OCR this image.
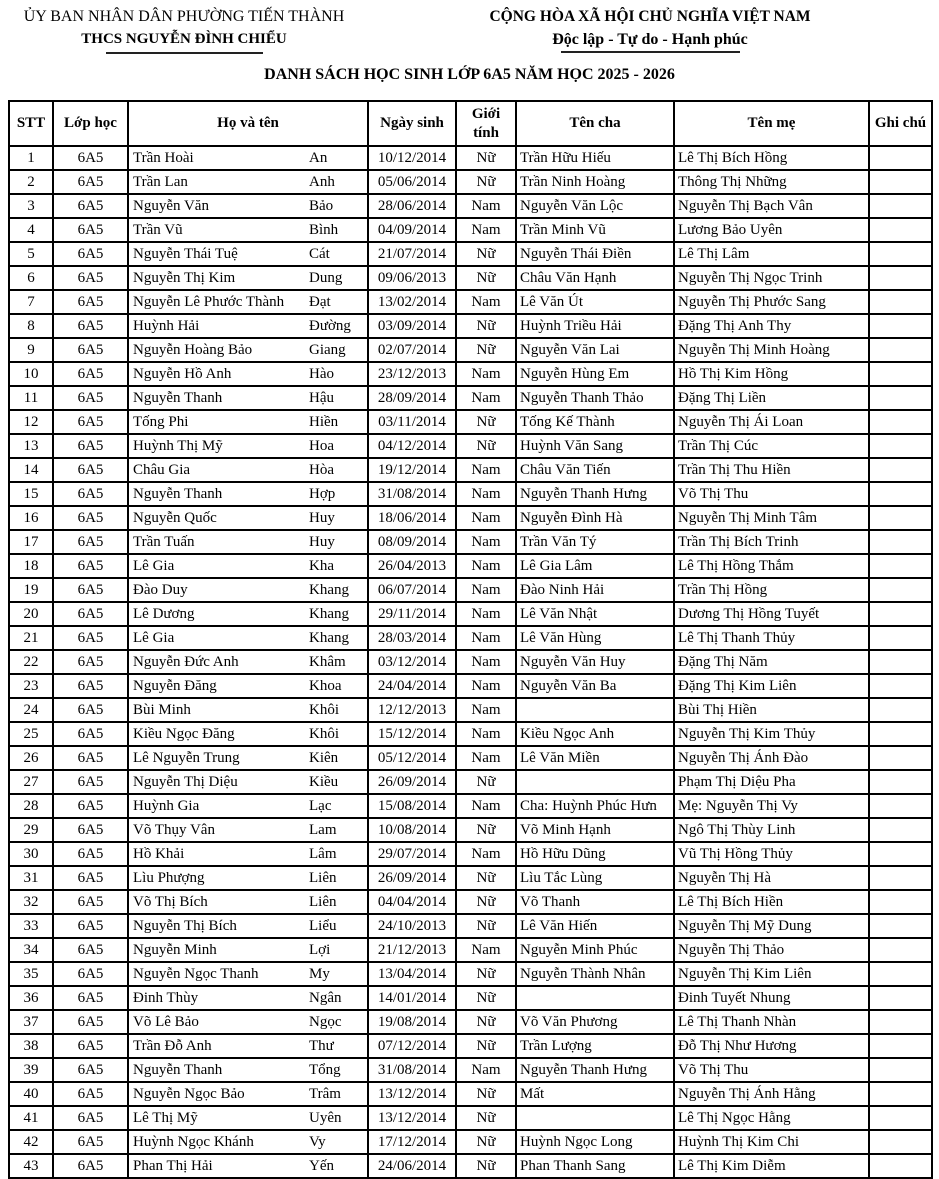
ỦY BAN NHÂN DÂN PHƯỜNG TIẾN THÀNH
THCS NGUYỄN ĐÌNH CHIỂU
CỘNG HÒA XÃ HỘI CHỦ NGHĨA VIỆT NAM
Độc lập - Tự do - Hạnh phúc
DANH SÁCH HỌC SINH LỚP 6A5 NĂM HỌC 2025 - 2026
STT	Lớp học	Họ và tên	Ngày sinh	Giới tính	Tên cha	Tên mẹ	Ghi chú
1	6A5	Trần Hoài An	10/12/2014	Nữ	Trần Hữu Hiếu	Lê Thị Bích Hồng	
2	6A5	Trần Lan Anh	05/06/2014	Nữ	Trần Ninh Hoàng	Thông Thị Những	
3	6A5	Nguyễn Văn Bảo	28/06/2014	Nam	Nguyễn Văn Lộc	Nguyễn Thị Bạch Vân	
4	6A5	Trần Vũ Bình	04/09/2014	Nam	Trần Minh Vũ	Lương Bảo Uyên	
5	6A5	Nguyễn Thái Tuệ Cát	21/07/2014	Nữ	Nguyễn Thái Điền	Lê Thị Lâm	
6	6A5	Nguyễn Thị Kim Dung	09/06/2013	Nữ	Châu Văn Hạnh	Nguyễn Thị Ngọc Trinh	
7	6A5	Nguyễn Lê Phước Thành Đạt	13/02/2014	Nam	Lê Văn Út	Nguyễn Thị Phước Sang	
8	6A5	Huỳnh Hải Đường	03/09/2014	Nữ	Huỳnh Triều Hải	Đặng Thị Anh Thy	
9	6A5	Nguyễn Hoàng Bảo Giang	02/07/2014	Nữ	Nguyễn Văn Lai	Nguyễn Thị Minh Hoàng	
10	6A5	Nguyễn Hồ Anh Hào	23/12/2013	Nam	Nguyễn Hùng Em	Hồ Thị Kim Hồng	
11	6A5	Nguyễn Thanh Hậu	28/09/2014	Nam	Nguyễn Thanh Thảo	Đặng Thị Liền	
12	6A5	Tống Phi Hiền	03/11/2014	Nữ	Tống Kế Thành	Nguyễn Thị Ái Loan	
13	6A5	Huỳnh Thị Mỹ Hoa	04/12/2014	Nữ	Huỳnh Văn Sang	Trần Thị Cúc	
14	6A5	Châu Gia Hòa	19/12/2014	Nam	Châu Văn Tiến	Trần Thị Thu Hiền	
15	6A5	Nguyễn Thanh Hợp	31/08/2014	Nam	Nguyễn Thanh Hưng	Võ Thị Thu	
16	6A5	Nguyễn Quốc Huy	18/06/2014	Nam	Nguyễn Đình Hà	Nguyễn Thị Minh Tâm	
17	6A5	Trần Tuấn Huy	08/09/2014	Nam	Trần Văn Tý	Trần Thị Bích Trinh	
18	6A5	Lê Gia Kha	26/04/2013	Nam	Lê Gia Lâm	Lê Thị Hồng Thắm	
19	6A5	Đào Duy Khang	06/07/2014	Nam	Đào Ninh Hải	Trần Thị Hồng	
20	6A5	Lê Dương Khang	29/11/2014	Nam	Lê Văn Nhật	Dương Thị Hồng Tuyết	
21	6A5	Lê Gia Khang	28/03/2014	Nam	Lê Văn Hùng	Lê Thị Thanh Thủy	
22	6A5	Nguyễn Đức Anh Khâm	03/12/2014	Nam	Nguyễn Văn Huy	Đặng Thị Năm	
23	6A5	Nguyễn Đăng Khoa	24/04/2014	Nam	Nguyễn Văn Ba	Đặng Thị Kim Liên	
24	6A5	Bùi Minh Khôi	12/12/2013	Nam		Bùi Thị Hiền	
25	6A5	Kiều Ngọc Đăng Khôi	15/12/2014	Nam	Kiều Ngọc Anh	Nguyễn Thị Kim Thủy	
26	6A5	Lê Nguyễn Trung Kiên	05/12/2014	Nam	Lê Văn Miền	Nguyễn Thị Ánh Đào	
27	6A5	Nguyễn Thị Diệu Kiều	26/09/2014	Nữ		Phạm Thị Diệu Pha	
28	6A5	Huỳnh Gia Lạc	15/08/2014	Nam	Cha: Huỳnh Phúc Hưn	Mẹ: Nguyễn Thị Vy	
29	6A5	Võ Thụy Vân Lam	10/08/2014	Nữ	Võ Minh Hạnh	Ngô Thị Thùy Linh	
30	6A5	Hồ Khải Lâm	29/07/2014	Nam	Hồ Hữu Dũng	Vũ Thị Hồng Thủy	
31	6A5	Lìu Phượng Liên	26/09/2014	Nữ	Lìu Tắc Lùng	Nguyễn Thị Hà	
32	6A5	Võ Thị Bích Liên	04/04/2014	Nữ	Võ Thanh	Lê Thị Bích Hiền	
33	6A5	Nguyễn Thị Bích Liểu	24/10/2013	Nữ	Lê Văn Hiến	Nguyễn Thị Mỹ Dung	
34	6A5	Nguyễn Minh Lợi	21/12/2013	Nam	Nguyễn Minh Phúc	Nguyễn Thị Thảo	
35	6A5	Nguyễn Ngọc Thanh My	13/04/2014	Nữ	Nguyễn Thành Nhân	Nguyễn Thị Kim Liên	
36	6A5	Đinh Thùy Ngân	14/01/2014	Nữ		Đinh Tuyết Nhung	
37	6A5	Võ Lê Bảo Ngọc	19/08/2014	Nữ	Võ Văn Phương	Lê Thị Thanh Nhàn	
38	6A5	Trần Đỗ Anh Thư	07/12/2014	Nữ	Trần Lượng	Đỗ Thị Như Hương	
39	6A5	Nguyễn Thanh Tổng	31/08/2014	Nam	Nguyễn Thanh Hưng	Võ Thị Thu	
40	6A5	Nguyễn Ngọc Bảo Trâm	13/12/2014	Nữ	Mất	Nguyễn Thị Ánh Hằng	
41	6A5	Lê Thị Mỹ Uyên	13/12/2014	Nữ		Lê Thị Ngọc Hằng	
42	6A5	Huỳnh Ngọc Khánh Vy	17/12/2014	Nữ	Huỳnh Ngọc Long	Huỳnh Thị Kim Chi	
43	6A5	Phan Thị Hải Yến	24/06/2014	Nữ	Phan Thanh Sang	Lê Thị Kim Diễm	
